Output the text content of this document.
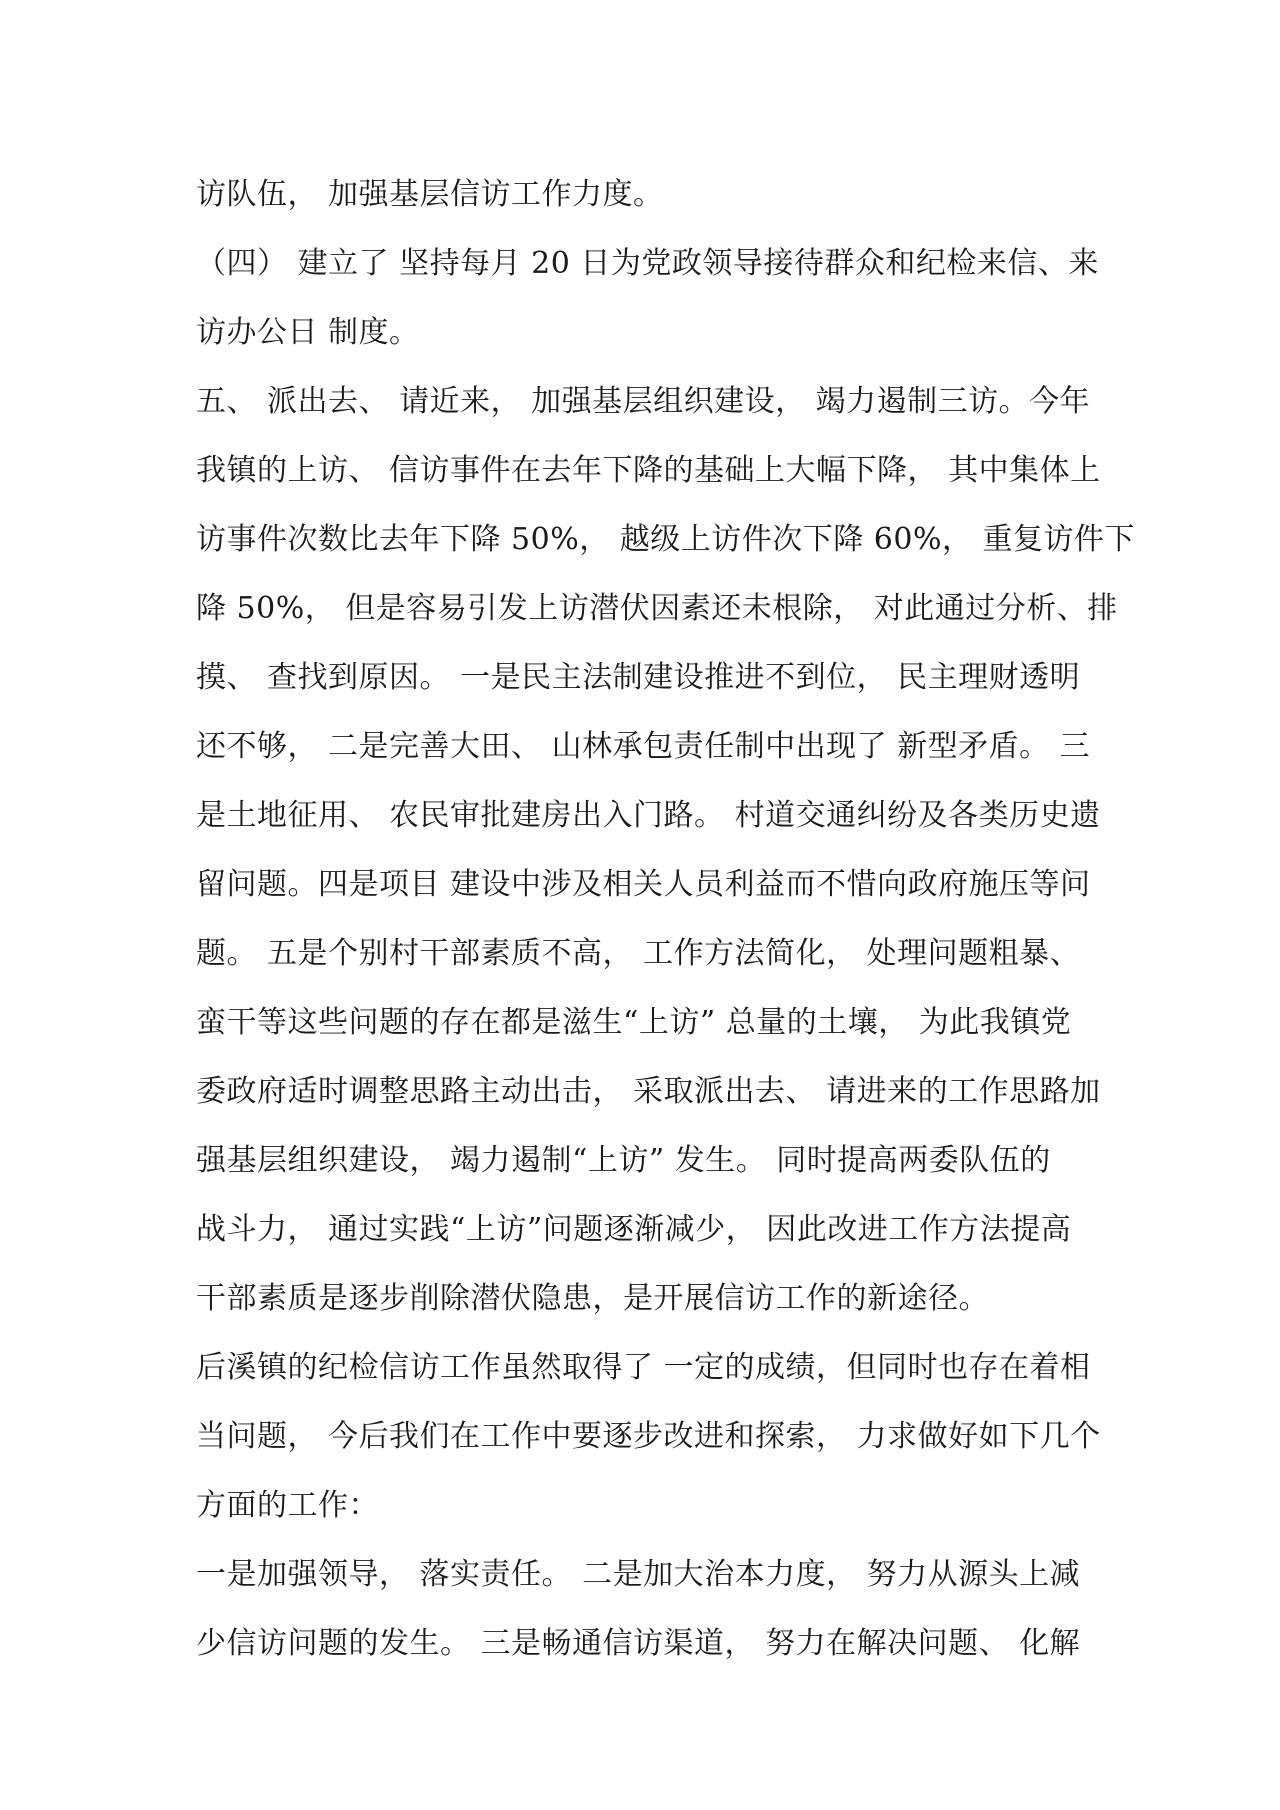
访队伍， 加强基层信访工作力度。
（四） 建立了 坚持每月 20 日为党政领导接待群众和纪检来信、来
访办公日 制度。
五、 派出去、 请近来， 加强基层组织建设， 竭力遏制三访。今年
我镇的上访、 信访事件在去年下降的基础上大幅下降， 其中集体上
访事件次数比去年下降 50%， 越级上访件次下降 60%， 重复访件下
降 50%， 但是容易引发上访潜伏因素还未根除， 对此通过分析、排
摸、 查找到原因。 一是民主法制建设推进不到位， 民主理财透明
还不够， 二是完善大田、 山林承包责任制中出现了 新型矛盾。 三
是土地征用、 农民审批建房出入门路。 村道交通纠纷及各类历史遗
留问题。四是项目 建设中涉及相关人员利益而不惜向政府施压等问
题。 五是个别村干部素质不高， 工作方法简化， 处理问题粗暴、
蛮干等这些问题的存在都是滋生“上访” 总量的土壤， 为此我镇党
委政府适时调整思路主动出击， 采取派出去、 请进来的工作思路加
强基层组织建设， 竭力遏制“上访” 发生。 同时提高两委队伍的
战斗力， 通过实践“上访”问题逐渐减少， 因此改进工作方法提高
干部素质是逐步削除潜伏隐患，是开展信访工作的新途径。
后溪镇的纪检信访工作虽然取得了 一定的成绩，但同时也存在着相
当问题， 今后我们在工作中要逐步改进和探索， 力求做好如下几个
方面的工作：
一是加强领导， 落实责任。 二是加大治本力度， 努力从源头上减
少信访问题的发生。 三是畅通信访渠道， 努力在解决问题、 化解
